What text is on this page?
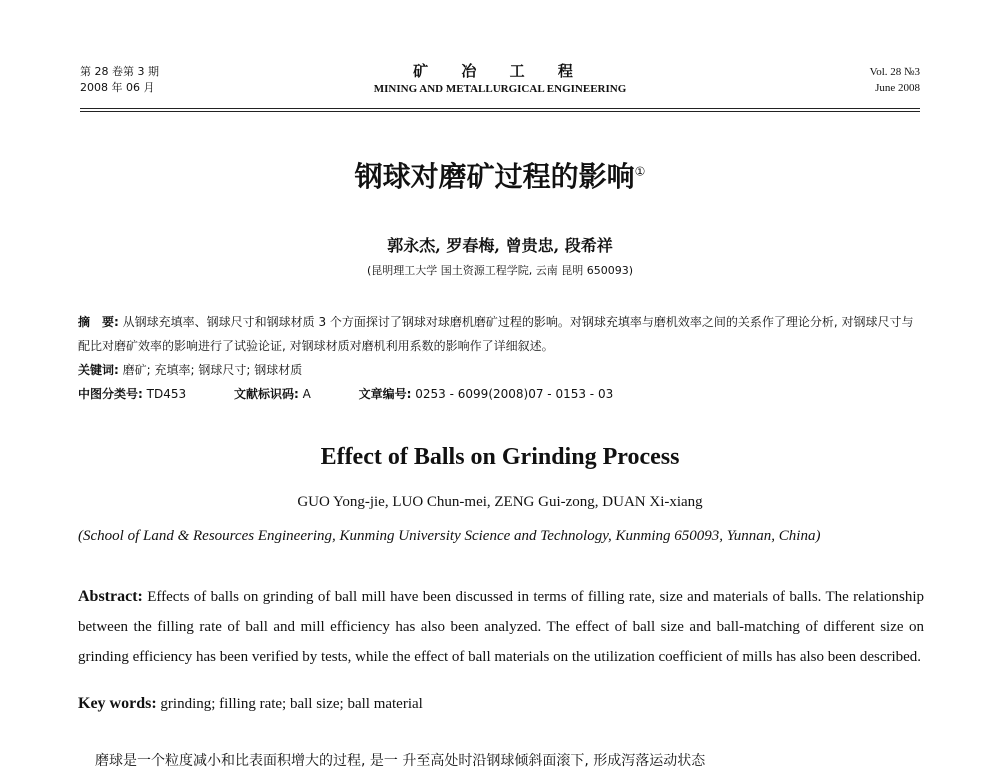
第 28 卷第 3 期
2008 年 06 月
矿 冶 工 程
MINING AND METALLURGICAL ENGINEERING
Vol. 28 №3
June 2008
钢球对磨矿过程的影响①
郭永杰, 罗春梅, 曾贵忠, 段希祥
(昆明理工大学 国土资源工程学院, 云南 昆明 650093)
摘　要: 从钢球充填率、钢球尺寸和钢球材质 3 个方面探讨了钢球对球磨机磨矿过程的影响。对钢球充填率与磨机效率之间的关系作了理论分析, 对钢球尺寸与配比对磨矿效率的影响进行了试验论证, 对钢球材质对磨机利用系数的影响作了详细叙述。
关键词: 磨矿; 充填率; 钢球尺寸; 钢球材质
中图分类号: TD453	文献标识码: A	文章编号: 0253 - 6099(2008)07 - 0153 - 03
Effect of Balls on Grinding Process
GUO Yong-jie, LUO Chun-mei, ZENG Gui-zong, DUAN Xi-xiang
(School of Land & Resources Engineering, Kunming University Science and Technology, Kunming 650093, Yunnan, China)
Abstract: Effects of balls on grinding of ball mill have been discussed in terms of filling rate, size and materials of balls. The relationship between the filling rate of ball and mill efficiency has also been analyzed. The effect of ball size and ball-matching of different size on grinding efficiency has been verified by tests, while the effect of ball materials on the utilization coefficient of mills has also been described.
Key words: grinding; filling rate; ball size; ball material
磨球是一个粒度减小和比表面积增大的过程, 是一 升至高处时沿钢球倾斜面滚下, 形成泻落运动状态
